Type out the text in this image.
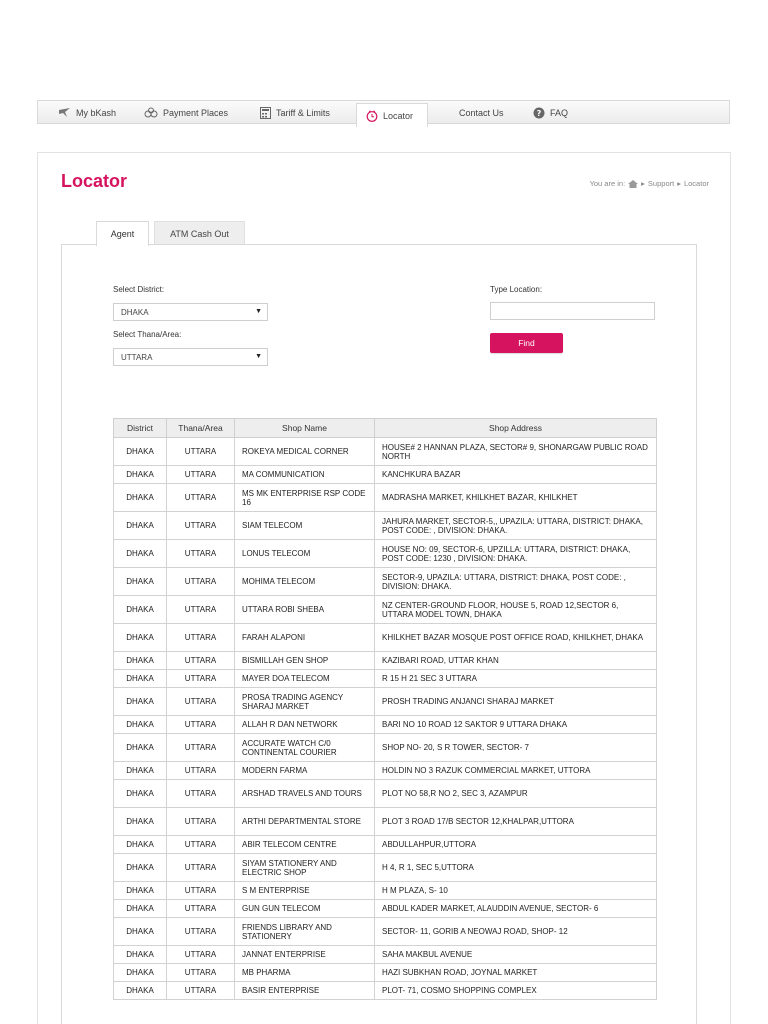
My bKash	Payment Places	Tariff & Limits	Locator	Contact Us	? FAQ
Locator	You are in: ▸ Support ▸ Locator
Agent	ATM Cash Out
Select District:
DHAKA	▼
Select Thana/Area:
UTTARA	▼
Type Location:
Find
District	Thana/Area	Shop Name	Shop Address
DHAKA	UTTARA	ROKEYA MEDICAL CORNER	HOUSE# 2 HANNAN PLAZA, SECTOR# 9, SHONARGAW PUBLIC ROAD NORTH
DHAKA	UTTARA	MA COMMUNICATION	KANCHKURA BAZAR
DHAKA	UTTARA	MS MK ENTERPRISE RSP CODE 16	MADRASHA MARKET, KHILKHET BAZAR, KHILKHET
DHAKA	UTTARA	SIAM TELECOM	JAHURA MARKET, SECTOR-5,, UPAZILA: UTTARA, DISTRICT: DHAKA, POST CODE: , DIVISION: DHAKA.
DHAKA	UTTARA	LONUS TELECOM	HOUSE NO: 09, SECTOR-6, UPZILLA: UTTARA, DISTRICT: DHAKA, POST CODE: 1230 , DIVISION: DHAKA.
DHAKA	UTTARA	MOHIMA TELECOM	SECTOR-9, UPAZILA: UTTARA, DISTRICT: DHAKA, POST CODE: , DIVISION: DHAKA.
DHAKA	UTTARA	UTTARA ROBI SHEBA	NZ CENTER-GROUND FLOOR, HOUSE 5, ROAD 12,SECTOR 6, UTTARA MODEL TOWN, DHAKA
DHAKA	UTTARA	FARAH ALAPONI	KHILKHET BAZAR MOSQUE POST OFFICE ROAD, KHILKHET, DHAKA
DHAKA	UTTARA	BISMILLAH GEN SHOP	KAZIBARI ROAD, UTTAR KHAN
DHAKA	UTTARA	MAYER DOA TELECOM	R 15 H 21 SEC 3 UTTARA
DHAKA	UTTARA	PROSA TRADING AGENCY SHARAJ MARKET	PROSH TRADING ANJANCI SHARAJ MARKET
DHAKA	UTTARA	ALLAH R DAN NETWORK	BARI NO 10 ROAD 12 SAKTOR 9 UTTARA DHAKA
DHAKA	UTTARA	ACCURATE WATCH C/0 CONTINENTAL COURIER	SHOP NO- 20, S R TOWER, SECTOR- 7
DHAKA	UTTARA	MODERN FARMA	HOLDIN NO 3 RAZUK COMMERCIAL MARKET, UTTORA
DHAKA	UTTARA	ARSHAD TRAVELS AND TOURS	PLOT NO 58,R NO 2, SEC 3, AZAMPUR
DHAKA	UTTARA	ARTHI DEPARTMENTAL STORE	PLOT 3 ROAD 17/B SECTOR 12,KHALPAR,UTTORA
DHAKA	UTTARA	ABIR TELECOM CENTRE	ABDULLAHPUR,UTTORA
DHAKA	UTTARA	SIYAM STATIONERY AND ELECTRIC SHOP	H 4, R 1, SEC 5,UTTORA
DHAKA	UTTARA	S M ENTERPRISE	H M PLAZA, S- 10
DHAKA	UTTARA	GUN GUN TELECOM	ABDUL KADER MARKET, ALAUDDIN AVENUE, SECTOR- 6
DHAKA	UTTARA	FRIENDS LIBRARY AND STATIONERY	SECTOR- 11, GORIB A NEOWAJ ROAD, SHOP- 12
DHAKA	UTTARA	JANNAT ENTERPRISE	SAHA MAKBUL AVENUE
DHAKA	UTTARA	MB PHARMA	HAZI SUBKHAN ROAD, JOYNAL MARKET
DHAKA	UTTARA	BASIR ENTERPRISE	PLOT- 71, COSMO SHOPPING COMPLEX
